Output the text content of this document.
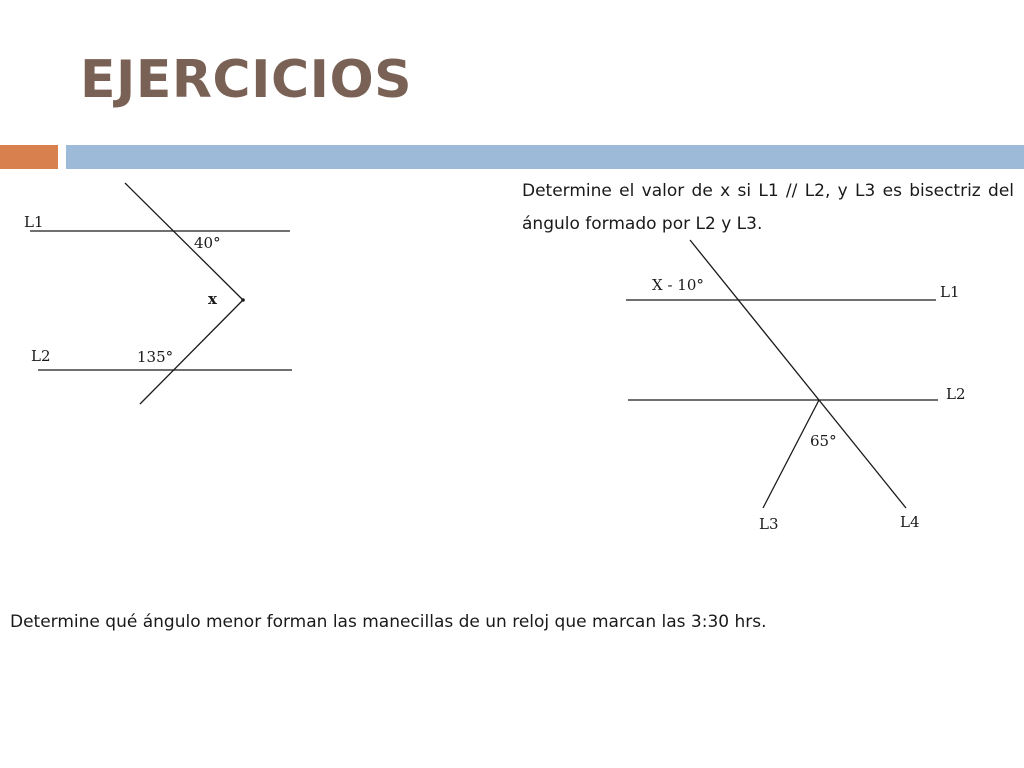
EJERCICIOS
L1
40°
x
L2	135°
Determine el valor de x si L1 // L2, y L3 es bisectriz del ángulo formado por L2 y L3.
X - 10°	L1
L2
65°
L3	L4
Determine qué ángulo menor forman las manecillas de un reloj que marcan las 3:30 hrs.
